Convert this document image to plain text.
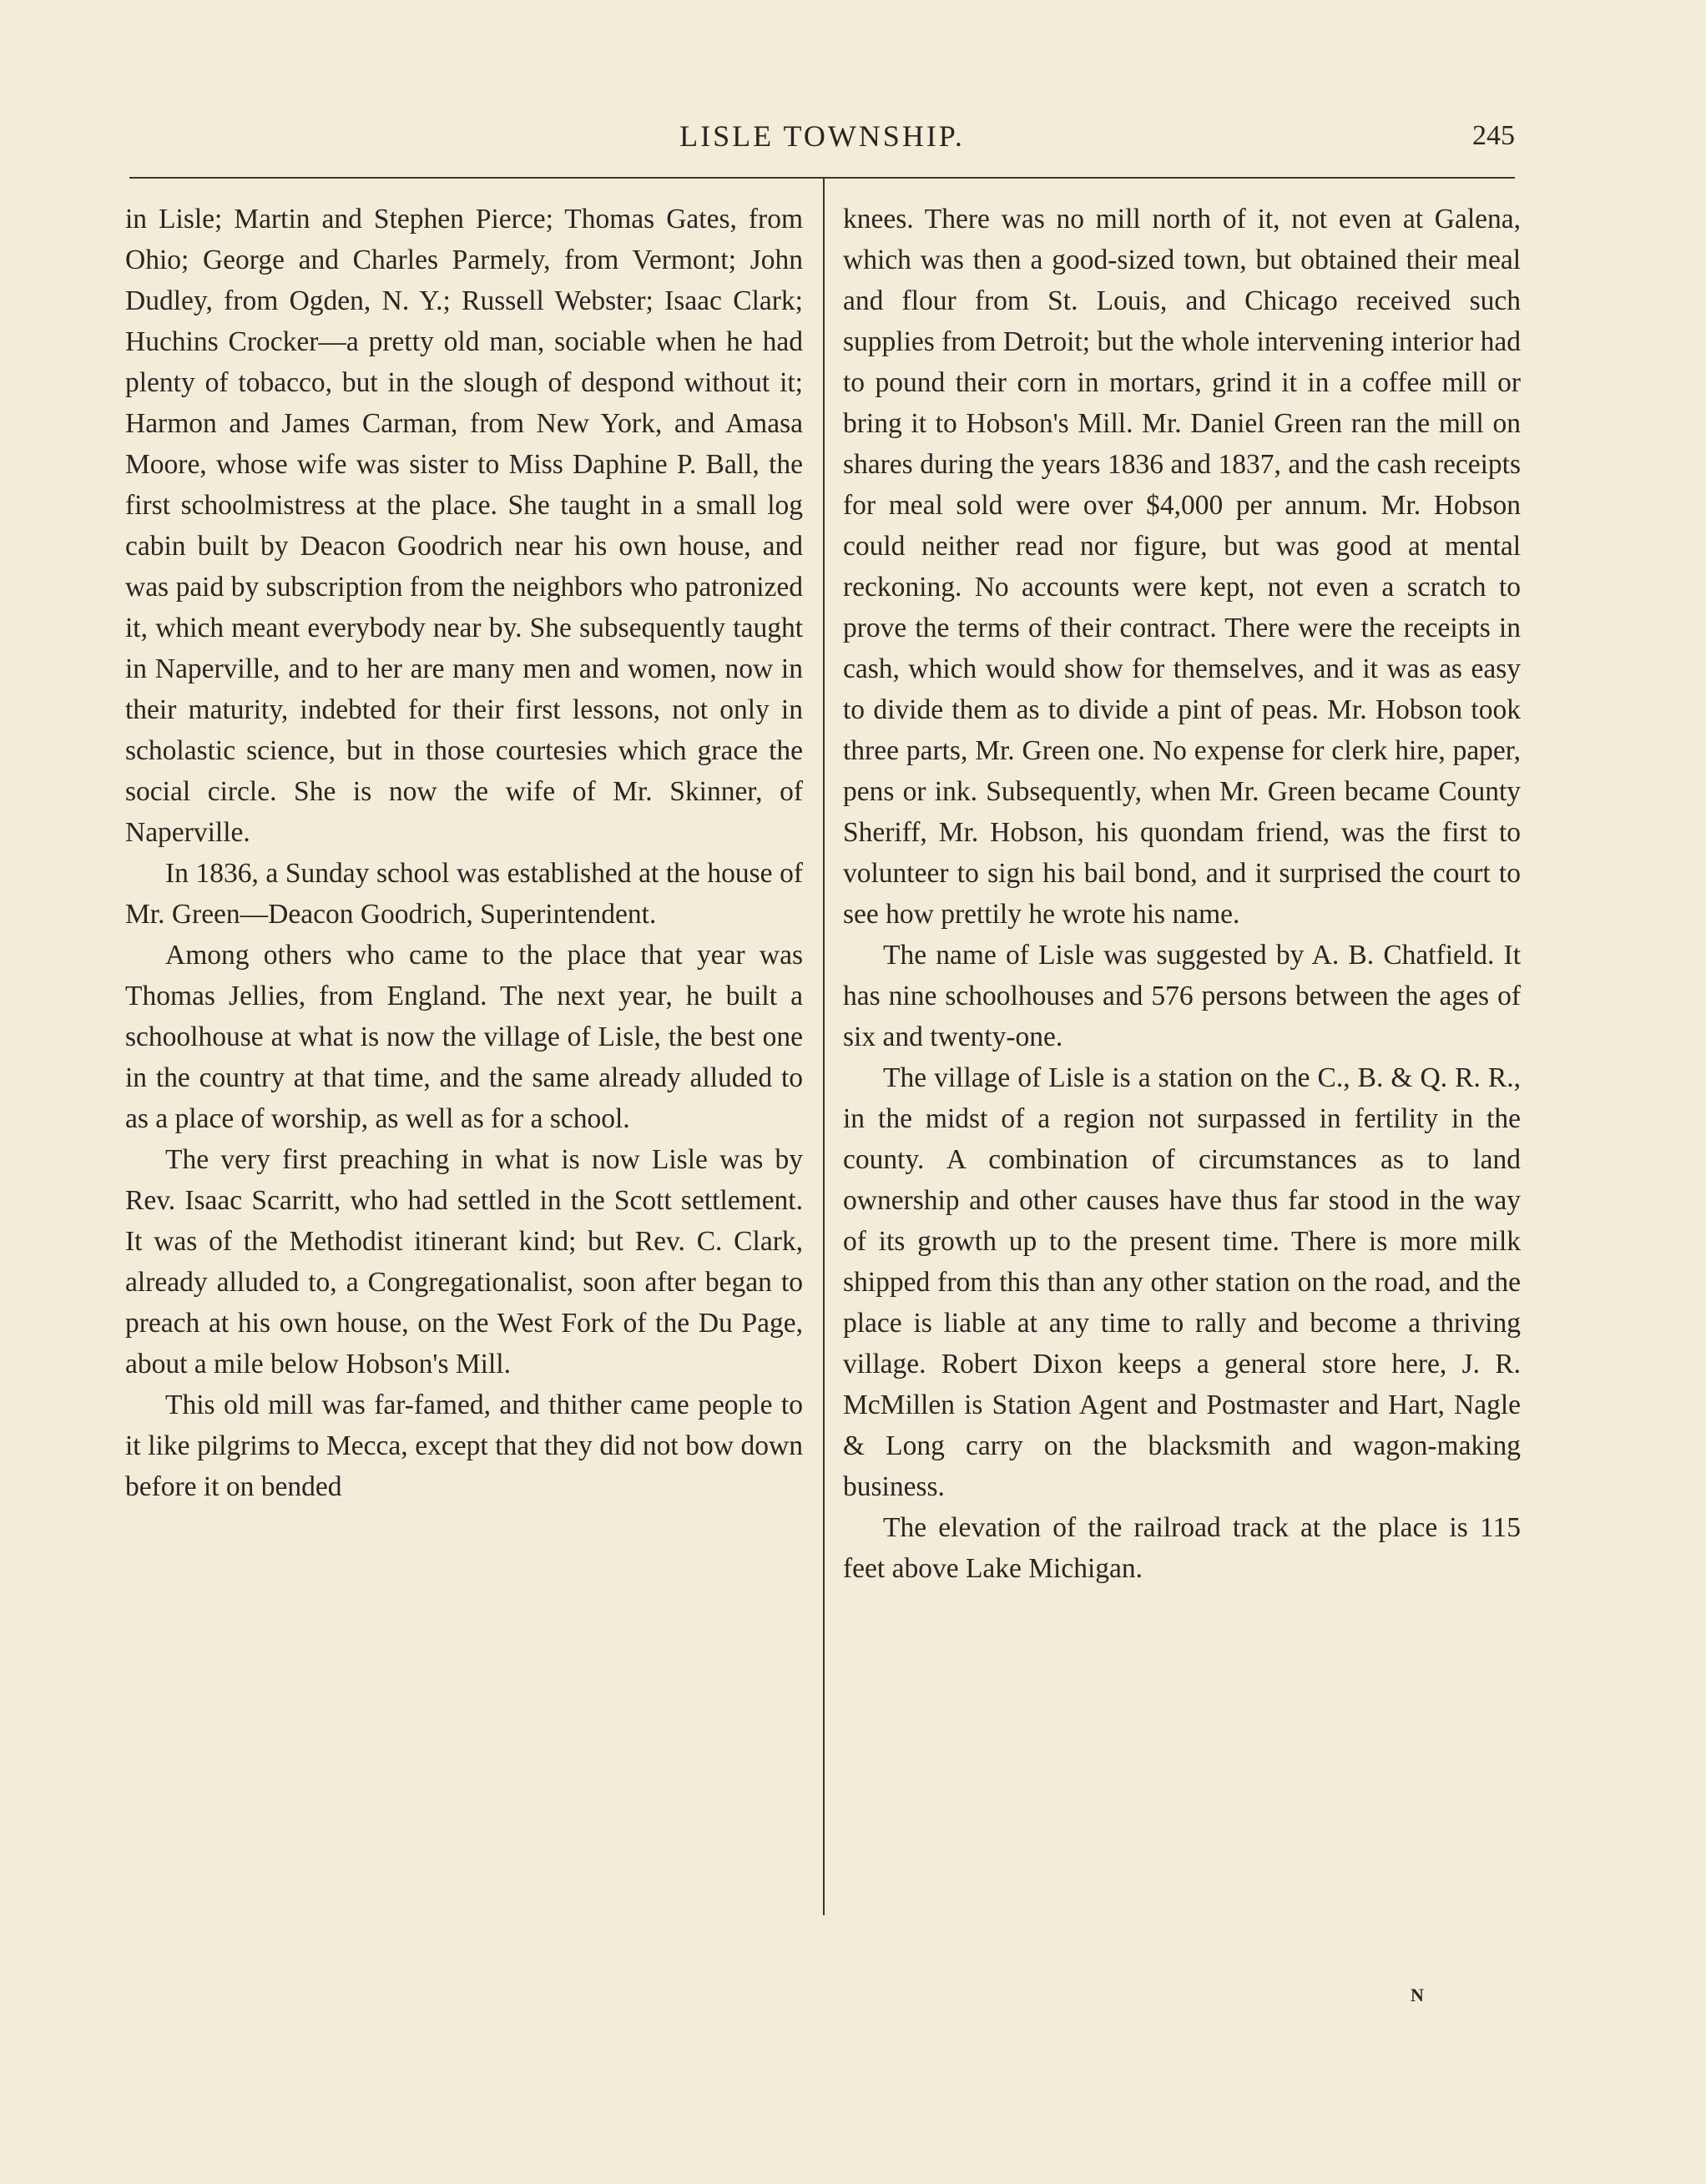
LISLE TOWNSHIP.	245

in Lisle; Martin and Stephen Pierce; Thomas Gates, from Ohio; George and Charles Parmely, from Vermont; John Dudley, from Ogden, N. Y.; Russell Webster; Isaac Clark; Huchins Crocker—a pretty old man, sociable when he had plenty of tobacco, but in the slough of despond without it; Harmon and James Carman, from New York, and Amasa Moore, whose wife was sister to Miss Daphine P. Ball, the first schoolmistress at the place. She taught in a small log cabin built by Deacon Goodrich near his own house, and was paid by subscription from the neighbors who patronized it, which meant everybody near by. She subsequently taught in Naperville, and to her are many men and women, now in their maturity, indebted for their first lessons, not only in scholastic science, but in those courtesies which grace the social circle. She is now the wife of Mr. Skinner, of Naperville.

In 1836, a Sunday school was established at the house of Mr. Green—Deacon Goodrich, Superintendent.

Among others who came to the place that year was Thomas Jellies, from England. The next year, he built a schoolhouse at what is now the village of Lisle, the best one in the country at that time, and the same already alluded to as a place of worship, as well as for a school.

The very first preaching in what is now Lisle was by Rev. Isaac Scarritt, who had settled in the Scott settlement. It was of the Methodist itinerant kind; but Rev. C. Clark, already alluded to, a Congregationalist, soon after began to preach at his own house, on the West Fork of the Du Page, about a mile below Hobson's Mill.

This old mill was far-famed, and thither came people to it like pilgrims to Mecca, except that they did not bow down before it on bended

knees. There was no mill north of it, not even at Galena, which was then a good-sized town, but obtained their meal and flour from St. Louis, and Chicago received such supplies from Detroit; but the whole intervening interior had to pound their corn in mortars, grind it in a coffee mill or bring it to Hobson's Mill. Mr. Daniel Green ran the mill on shares during the years 1836 and 1837, and the cash receipts for meal sold were over $4,000 per annum. Mr. Hobson could neither read nor figure, but was good at mental reckoning. No accounts were kept, not even a scratch to prove the terms of their contract. There were the receipts in cash, which would show for themselves, and it was as easy to divide them as to divide a pint of peas. Mr. Hobson took three parts, Mr. Green one. No expense for clerk hire, paper, pens or ink. Subsequently, when Mr. Green became County Sheriff, Mr. Hobson, his quondam friend, was the first to volunteer to sign his bail bond, and it surprised the court to see how prettily he wrote his name.

The name of Lisle was suggested by A. B. Chatfield. It has nine schoolhouses and 576 persons between the ages of six and twenty-one.

The village of Lisle is a station on the C., B. & Q. R. R., in the midst of a region not surpassed in fertility in the county. A combination of circumstances as to land ownership and other causes have thus far stood in the way of its growth up to the present time. There is more milk shipped from this than any other station on the road, and the place is liable at any time to rally and become a thriving village. Robert Dixon keeps a general store here, J. R. McMillen is Station Agent and Postmaster and Hart, Nagle & Long carry on the blacksmith and wagon-making business.

The elevation of the railroad track at the place is 115 feet above Lake Michigan.

N
